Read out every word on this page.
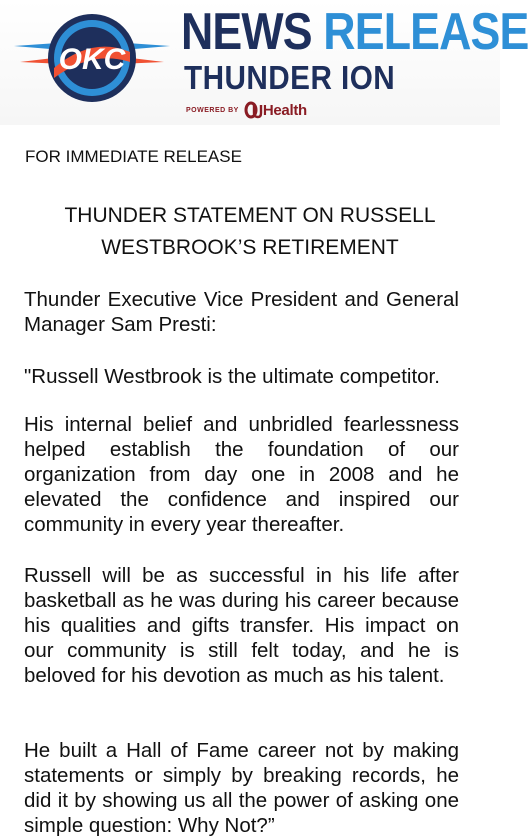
OKC NEWS RELEASE
THUNDER ION
POWERED BY Health
FOR IMMEDIATE RELEASE
THUNDER STATEMENT ON RUSSELL
WESTBROOK’S RETIREMENT
Thunder Executive Vice President and General Manager Sam Presti:
"Russell Westbrook is the ultimate competitor.
His internal belief and unbridled fearlessness helped establish the foundation of our organization from day one in 2008 and he elevated the confidence and inspired our community in every year thereafter.
Russell will be as successful in his life after basketball as he was during his career because his qualities and gifts transfer. His impact on our community is still felt today, and he is beloved for his devotion as much as his talent.
He built a Hall of Fame career not by making statements or simply by breaking records, he did it by showing us all the power of asking one simple question: Why Not?”
